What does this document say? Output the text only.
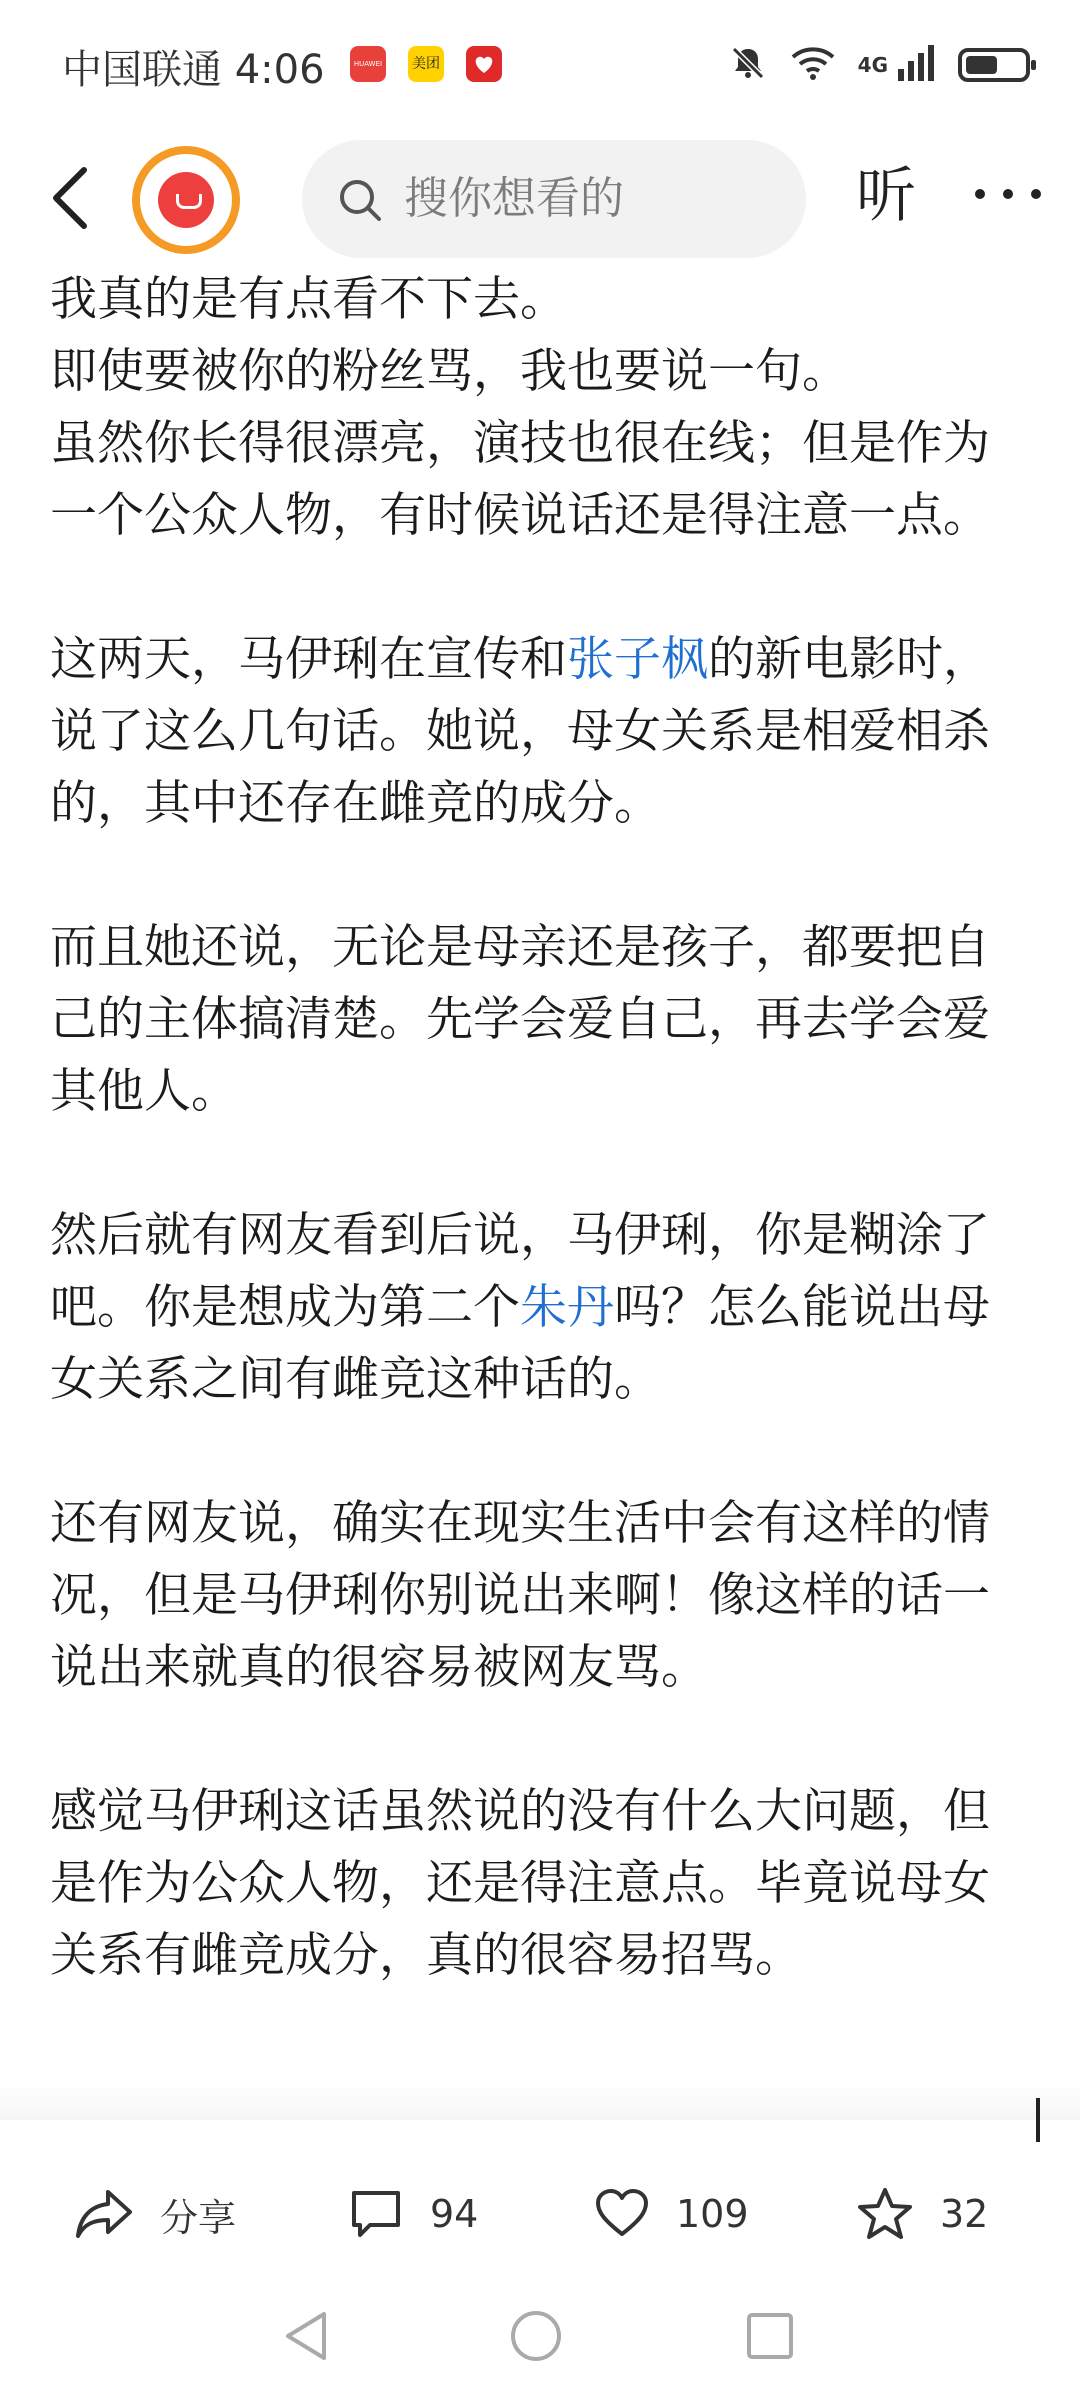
中国联通 4:06	HUAWEI 美团	4G

我真的是有点看不下去。
即使要被你的粉丝骂，我也要说一句。
虽然你长得很漂亮，演技也很在线；但是作为一个公众人物，有时候说话还是得注意一点。

这两天，马伊琍在宣传和张子枫的新电影时，说了这么几句话。她说，母女关系是相爱相杀的，其中还存在雌竞的成分。

而且她还说，无论是母亲还是孩子，都要把自己的主体搞清楚。先学会爱自己，再去学会爱其他人。

然后就有网友看到后说，马伊琍，你是糊涂了吧。你是想成为第二个朱丹吗？怎么能说出母女关系之间有雌竞这种话的。

还有网友说，确实在现实生活中会有这样的情况，但是马伊琍你别说出来啊！像这样的话一说出来就真的很容易被网友骂。

感觉马伊琍这话虽然说的没有什么大问题，但是作为公众人物，还是得注意点。毕竟说母女关系有雌竞成分，真的很容易招骂。

搜你想看的	听
分享	94	109	32
